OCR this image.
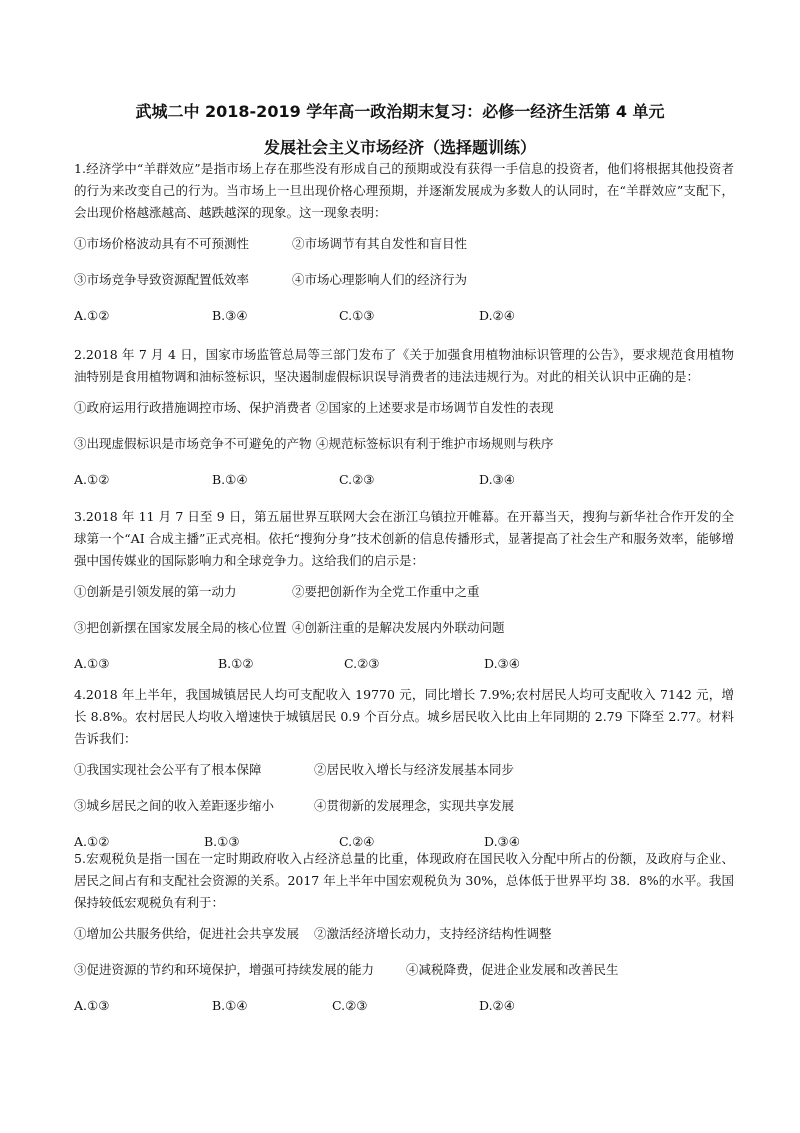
武城二中 2018-2019 学年高一政治期末复习：必修一经济生活第 4 单元
发展社会主义市场经济（选择题训练）

1.经济学中“羊群效应”是指市场上存在那些没有形成自己的预期或没有获得一手信息的投资者，他们将根据其他投资者的行为来改变自己的行为。当市场上一旦出现价格心理预期，并逐渐发展成为多数人的认同时，在“羊群效应”支配下，会出现价格越涨越高、越跌越深的现象。这一现象表明：

①市场价格波动具有不可预测性	②市场调节有其自发性和盲目性
③市场竞争导致资源配置低效率	④市场心理影响人们的经济行为
A.①②	B.③④	C.①③	D.②④

2.2018 年 7 月 4 日，国家市场监管总局等三部门发布了《关于加强食用植物油标识管理的公告》，要求规范食用植物油特别是食用植物调和油标签标识，坚决遏制虚假标识误导消费者的违法违规行为。对此的相关认识中正确的是：

①政府运用行政措施调控市场、保护消费者 ②国家的上述要求是市场调节自发性的表现
③出现虚假标识是市场竞争不可避免的产物 ④规范标签标识有利于维护市场规则与秩序
A.①②	B.①④	C.②③	D.③④

3.2018 年 11 月 7 日至 9 日，第五届世界互联网大会在浙江乌镇拉开帷幕。在开幕当天，搜狗与新华社合作开发的全球第一个“AI 合成主播”正式亮相。依托“搜狗分身”技术创新的信息传播形式，显著提高了社会生产和服务效率，能够增强中国传媒业的国际影响力和全球竞争力。这给我们的启示是：

①创新是引领发展的第一动力	②要把创新作为全党工作重中之重
③把创新摆在国家发展全局的核心位置 ④创新注重的是解决发展内外联动问题
A.①③	B.①②	C.②③	D.③④

4.2018 年上半年，我国城镇居民人均可支配收入 19770 元，同比增长 7.9%;农村居民人均可支配收入 7142 元，增长 8.8%。农村居民人均收入增速快于城镇居民 0.9 个百分点。城乡居民收入比由上年同期的 2.79 下降至 2.77。材料告诉我们：

①我国实现社会公平有了根本保障	②居民收入增长与经济发展基本同步
③城乡居民之间的收入差距逐步缩小	④贯彻新的发展理念，实现共享发展
A.①②	B.①③	C.②④	D.③④

5.宏观税负是指一国在一定时期政府收入占经济总量的比重，体现政府在国民收入分配中所占的份额，及政府与企业、居民之间占有和支配社会资源的关系。2017 年上半年中国宏观税负为 30%，总体低于世界平均 38．8%的水平。我国保持较低宏观税负有利于：

①增加公共服务供给，促进社会共享发展 ②激活经济增长动力，支持经济结构性调整
③促进资源的节约和环境保护，增强可持续发展的能力	④减税降费，促进企业发展和改善民生
A.①③	B.①④	C.②③	D.②④
